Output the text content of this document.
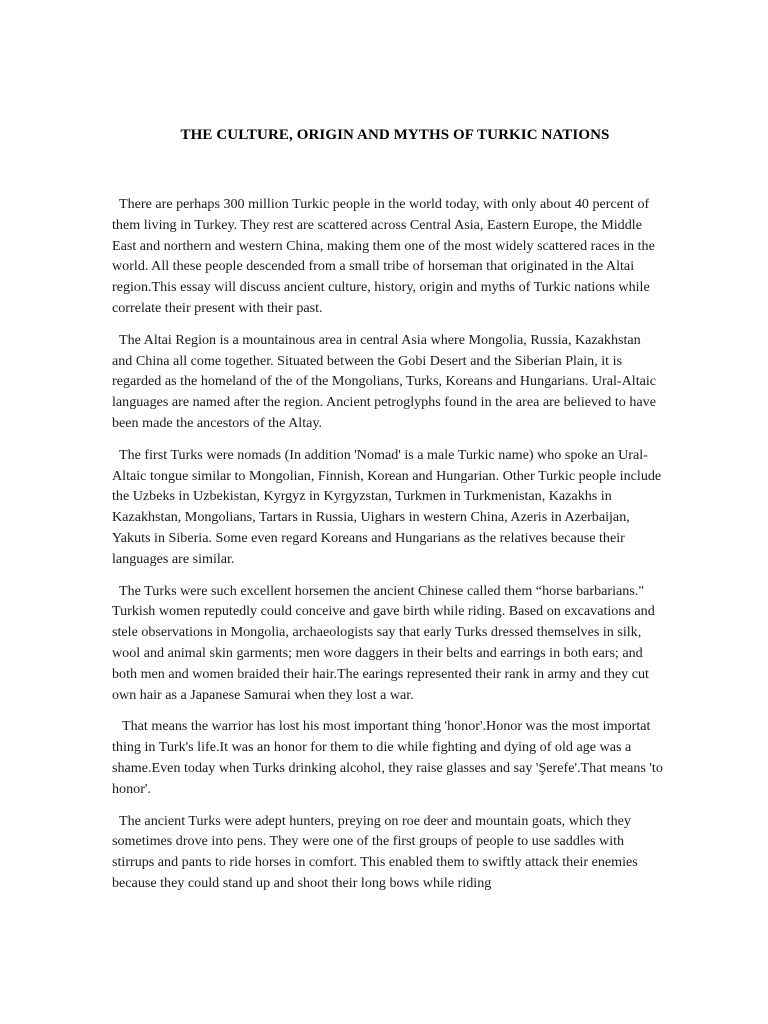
THE CULTURE, ORIGIN AND MYTHS OF TURKIC NATIONS

There are perhaps 300 million Turkic people in the world today, with only about 40 percent of them living in Turkey. They rest are scattered across Central Asia, Eastern Europe, the Middle East and northern and western China, making them one of the most widely scattered races in the world. All these people descended from a small tribe of horseman that originated in the Altai region.This essay will discuss ancient culture, history, origin and myths of Turkic nations while correlate their present with their past.

The Altai Region is a mountainous area in central Asia where Mongolia, Russia, Kazakhstan and China all come together. Situated between the Gobi Desert and the Siberian Plain, it is regarded as the homeland of the of the Mongolians, Turks, Koreans and Hungarians. Ural-Altaic languages are named after the region. Ancient petroglyphs found in the area are believed to have been made the ancestors of the Altay.

The first Turks were nomads (In addition 'Nomad' is a male Turkic name) who spoke an Ural-Altaic tongue similar to Mongolian, Finnish, Korean and Hungarian. Other Turkic people include the Uzbeks in Uzbekistan, Kyrgyz in Kyrgyzstan, Turkmen in Turkmenistan, Kazakhs in Kazakhstan, Mongolians, Tartars in Russia, Uighars in western China, Azeris in Azerbaijan, Yakuts in Siberia. Some even regard Koreans and Hungarians as the relatives because their languages are similar.

The Turks were such excellent horsemen the ancient Chinese called them “horse barbarians." Turkish women reputedly could conceive and gave birth while riding. Based on excavations and stele observations in Mongolia, archaeologists say that early Turks dressed themselves in silk, wool and animal skin garments; men wore daggers in their belts and earrings in both ears; and both men and women braided their hair.The earings represented their rank in army and they cut own hair as a Japanese Samurai when they lost a war.

That means the warrior has lost his most important thing 'honor'.Honor was the most importat thing in Turk's life.It was an honor for them to die while fighting and dying of old age was a shame.Even today when Turks drinking alcohol, they raise glasses and say 'Şerefe'.That means 'to honor'.

The ancient Turks were adept hunters, preying on roe deer and mountain goats, which they sometimes drove into pens. They were one of the first groups of people to use saddles with stirrups and pants to ride horses in comfort. This enabled them to swiftly attack their enemies because they could stand up and shoot their long bows while riding
